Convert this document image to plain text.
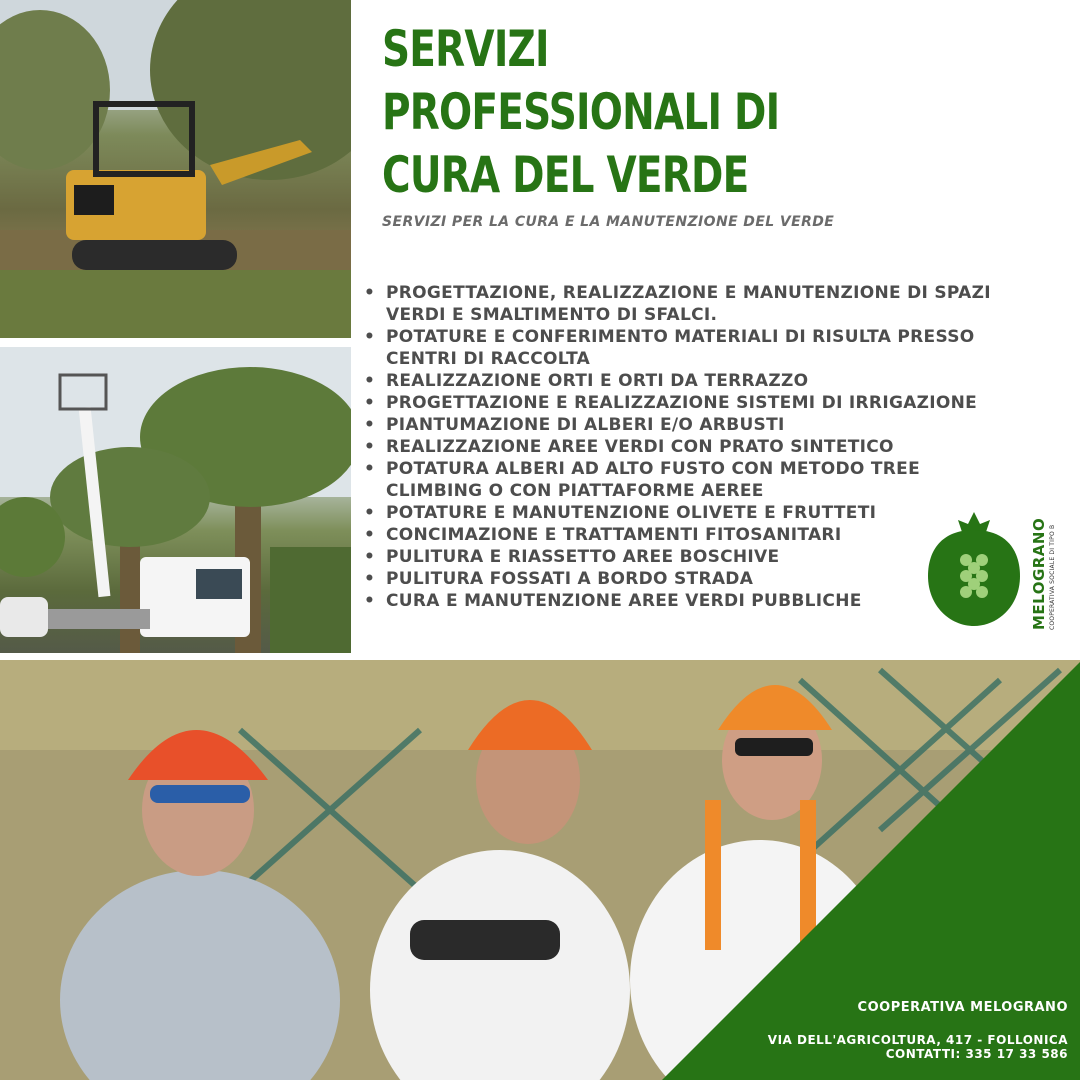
SERVIZI
PROFESSIONALI DI
CURA DEL VERDE
SERVIZI PER LA CURA E LA MANUTENZIONE DEL VERDE
• PROGETTAZIONE, REALIZZAZIONE E MANUTENZIONE DI SPAZI
VERDI E SMALTIMENTO DI SFALCI.
• POTATURE E CONFERIMENTO MATERIALI DI RISULTA PRESSO
CENTRI DI RACCOLTA
• REALIZZAZIONE ORTI E ORTI DA TERRAZZO
• PROGETTAZIONE E REALIZZAZIONE SISTEMI DI IRRIGAZIONE
• PIANTUMAZIONE DI ALBERI E/O ARBUSTI
• REALIZZAZIONE AREE VERDI CON PRATO SINTETICO
• POTATURA ALBERI AD ALTO FUSTO CON METODO TREE
CLIMBING O CON PIATTAFORME AEREE
• POTATURE E MANUTENZIONE OLIVETE E FRUTTETI
• CONCIMAZIONE E TRATTAMENTI FITOSANITARI
• PULITURA E RIASSETTO AREE BOSCHIVE
• PULITURA FOSSATI A BORDO STRADA
• CURA E MANUTENZIONE AREE VERDI PUBBLICHE	MELOGRANO COOPERATIVA SOCIALE DI TIPO B
COOPERATIVA MELOGRANO
VIA DELL'AGRICOLTURA, 417 - FOLLONICA
CONTATTI: 335 17 33 586
